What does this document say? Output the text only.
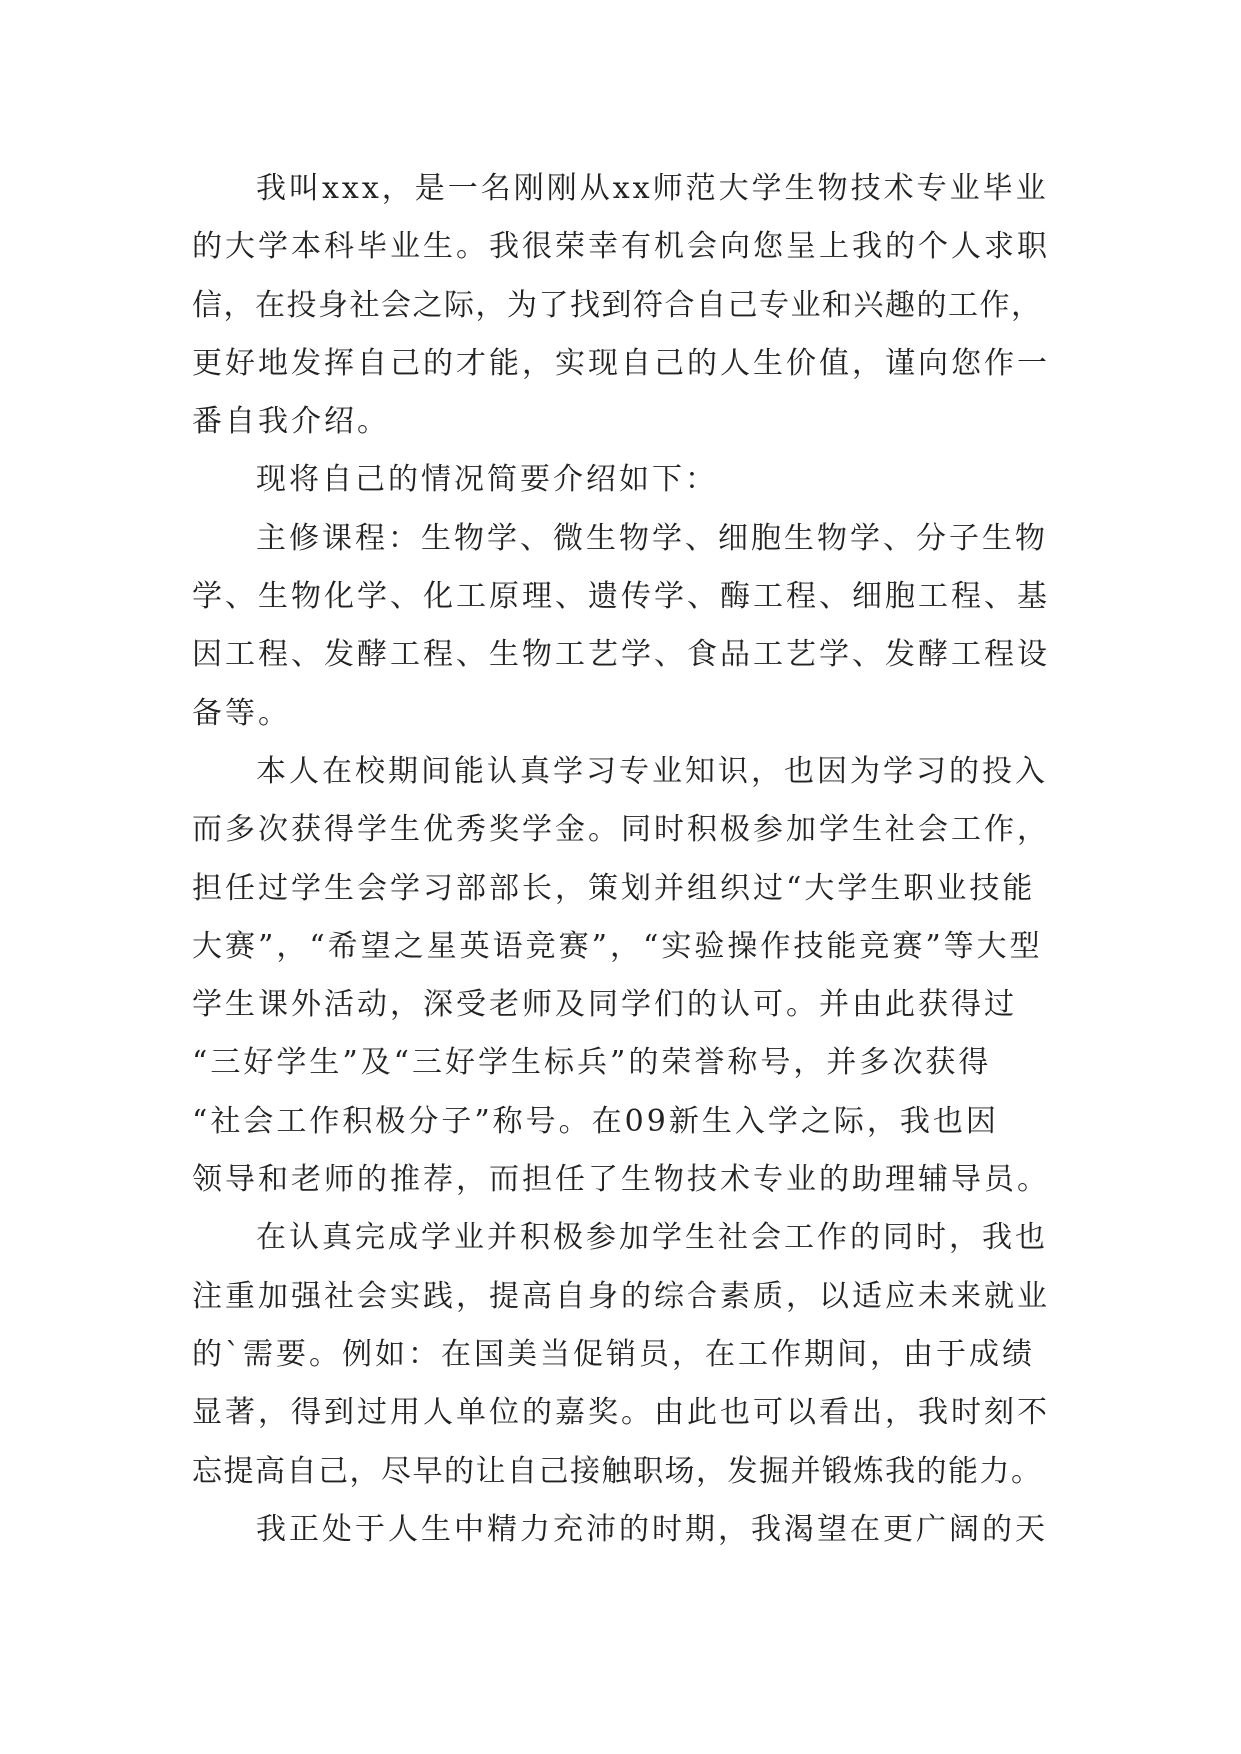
我叫xxx，是一名刚刚从xx师范大学生物技术专业毕业
的大学本科毕业生。我很荣幸有机会向您呈上我的个人求职
信，在投身社会之际，为了找到符合自己专业和兴趣的工作，
更好地发挥自己的才能，实现自己的人生价值，谨向您作一
番自我介绍。
现将自己的情况简要介绍如下：
主修课程：生物学、微生物学、细胞生物学、分子生物
学、生物化学、化工原理、遗传学、酶工程、细胞工程、基
因工程、发酵工程、生物工艺学、食品工艺学、发酵工程设
备等。
本人在校期间能认真学习专业知识，也因为学习的投入
而多次获得学生优秀奖学金。同时积极参加学生社会工作，
担任过学生会学习部部长，策划并组织过“大学生职业技能
大赛”，“希望之星英语竞赛”，“实验操作技能竞赛”等大型
学生课外活动，深受老师及同学们的认可。并由此获得过
“三好学生”及“三好学生标兵”的荣誉称号，并多次获得
“社会工作积极分子”称号。在09新生入学之际，我也因
领导和老师的推荐，而担任了生物技术专业的助理辅导员。
在认真完成学业并积极参加学生社会工作的同时，我也
注重加强社会实践，提高自身的综合素质，以适应未来就业
的`需要。例如：在国美当促销员，在工作期间，由于成绩
显著，得到过用人单位的嘉奖。由此也可以看出，我时刻不
忘提高自己，尽早的让自己接触职场，发掘并锻炼我的能力。
我正处于人生中精力充沛的时期，我渴望在更广阔的天
